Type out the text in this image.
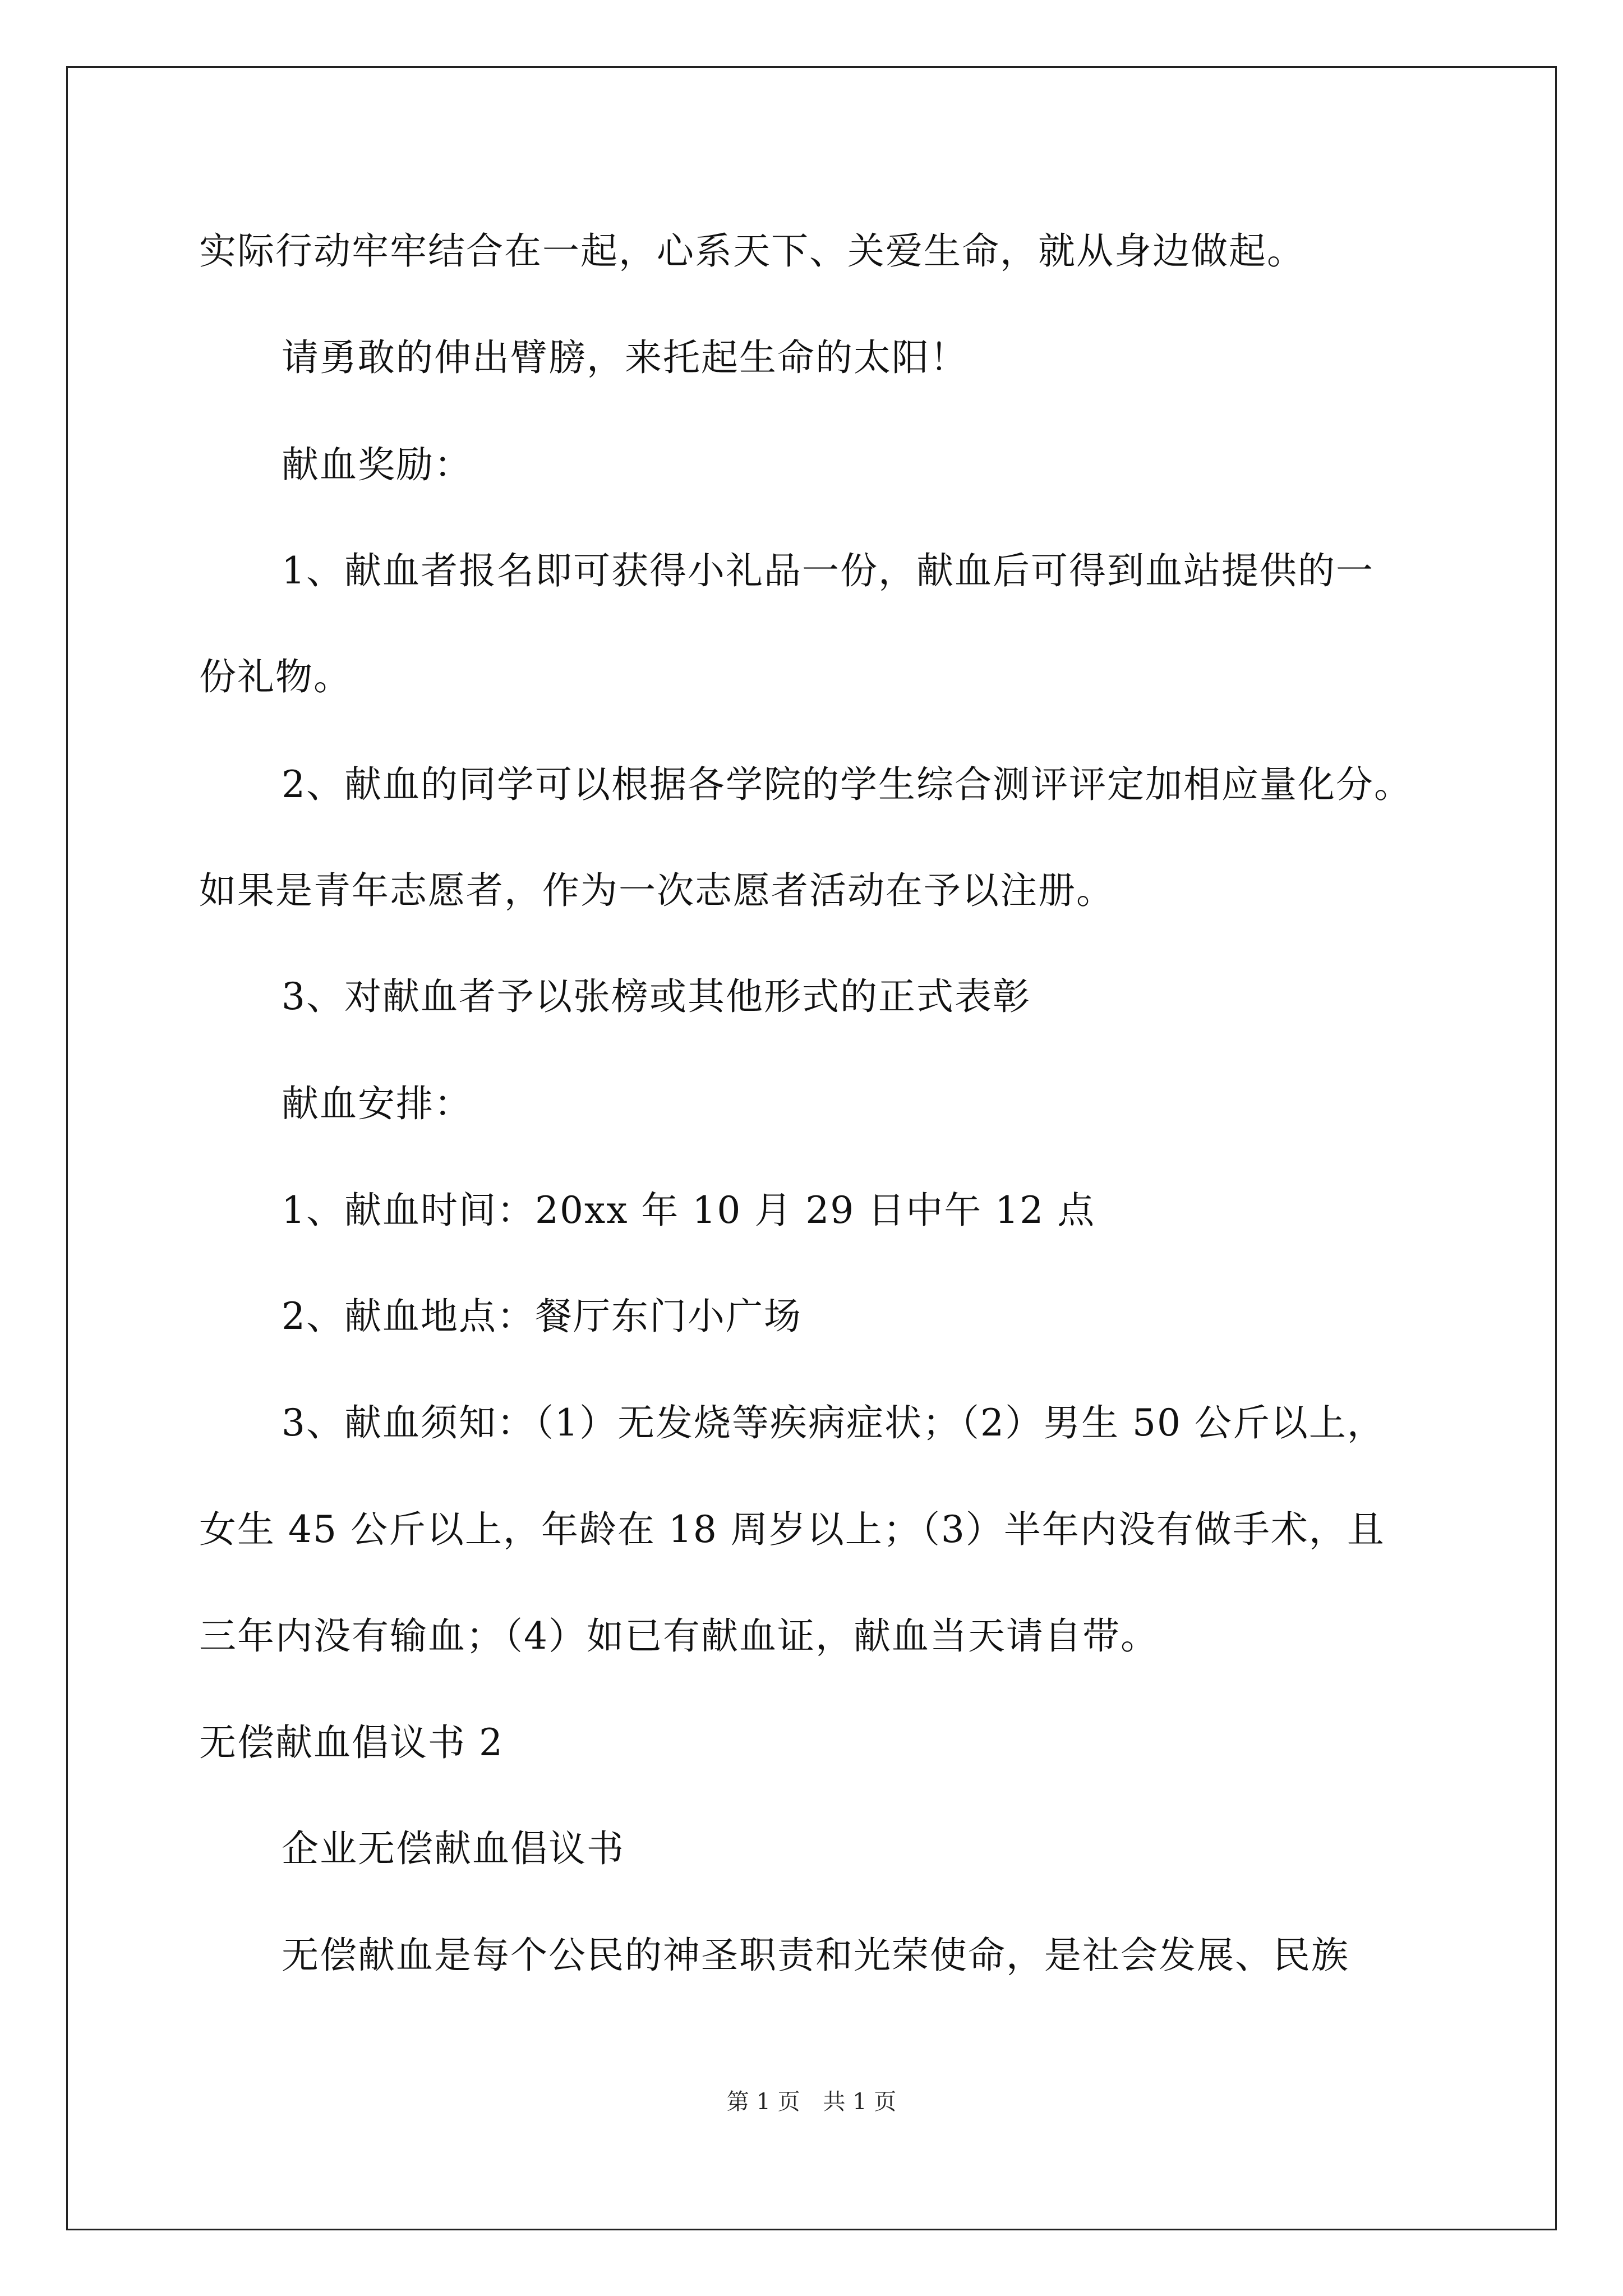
实际行动牢牢结合在一起，心系天下、关爱生命，就从身边做起。
请勇敢的伸出臂膀，来托起生命的太阳！
献血奖励：
1、献血者报名即可获得小礼品一份，献血后可得到血站提供的一
份礼物。
2、献血的同学可以根据各学院的学生综合测评评定加相应量化分。
如果是青年志愿者，作为一次志愿者活动在予以注册。
3、对献血者予以张榜或其他形式的正式表彰
献血安排：
1、献血时间：20xx 年 10 月 29 日中午 12 点
2、献血地点：餐厅东门小广场
3、献血须知：（1）无发烧等疾病症状；（2）男生 50 公斤以上，
女生 45 公斤以上，年龄在 18 周岁以上；（3）半年内没有做手术，且
三年内没有输血；（4）如已有献血证，献血当天请自带。
无偿献血倡议书 2
企业无偿献血倡议书
无偿献血是每个公民的神圣职责和光荣使命，是社会发展、民族
第 1 页 共 1 页
